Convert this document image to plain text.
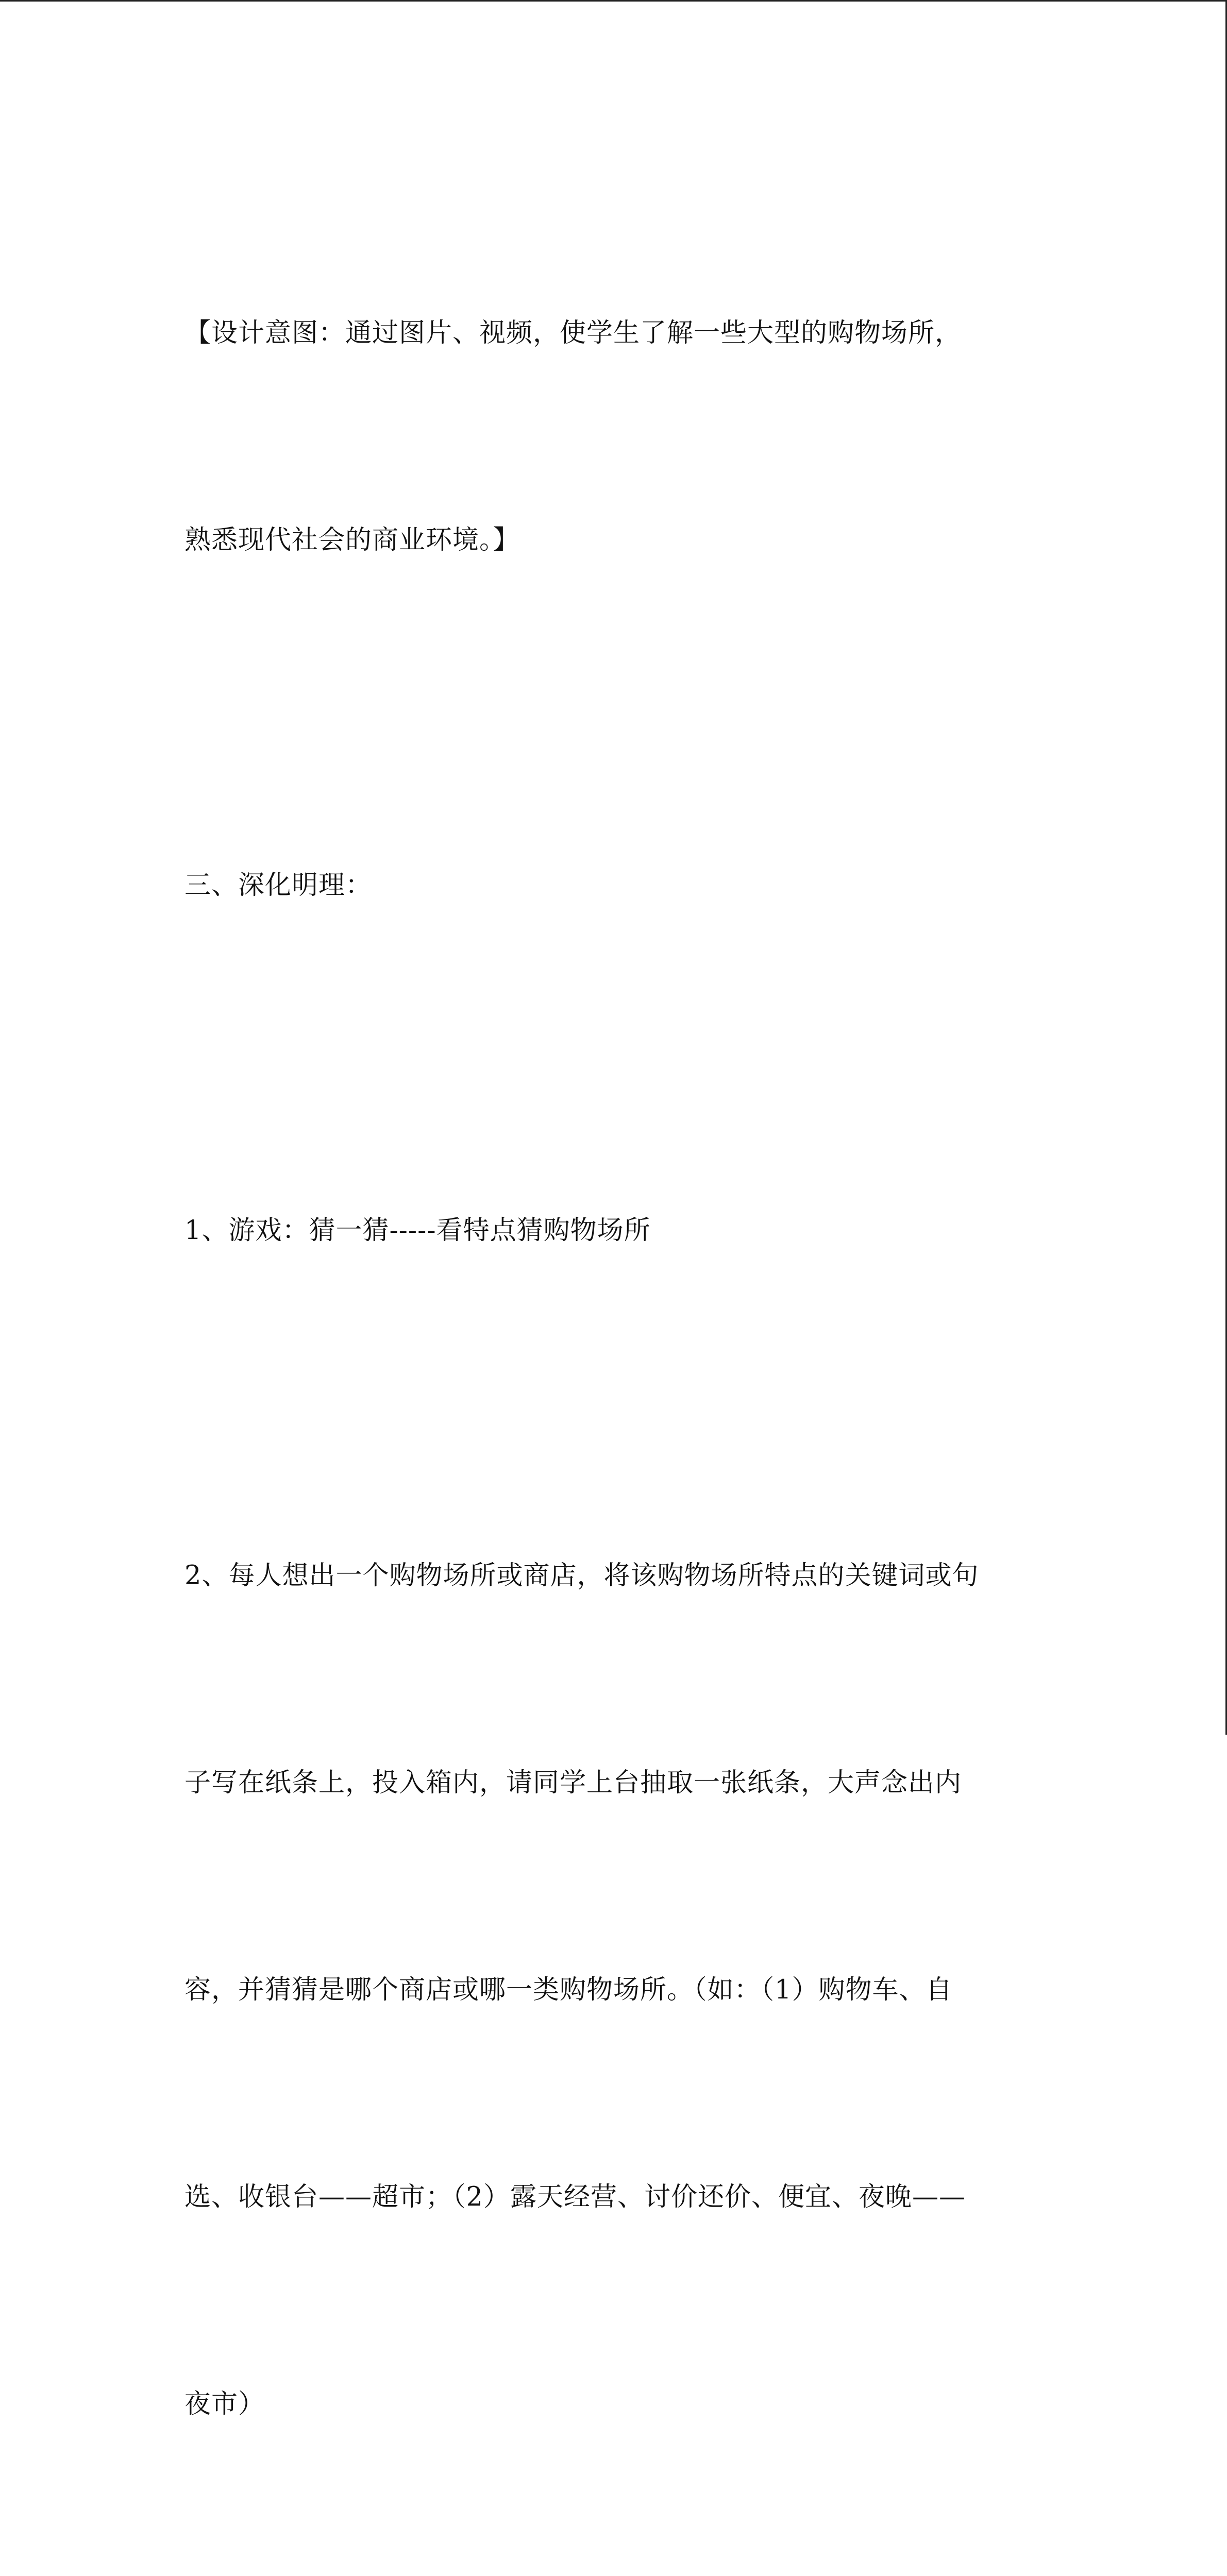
【设计意图：通过图片、视频，使学生了解一些大型的购物场所，

熟悉现代社会的商业环境。】

三、深化明理：

1、游戏：猜一猜-----看特点猜购物场所

2、每人想出一个购物场所或商店，将该购物场所特点的关键词或句

子写在纸条上，投入箱内，请同学上台抽取一张纸条，大声念出内

容，并猜猜是哪个商店或哪一类购物场所。（如：（1）购物车、自

选、收银台——超市；（2）露天经营、讨价还价、便宜、夜晚——

夜市）
